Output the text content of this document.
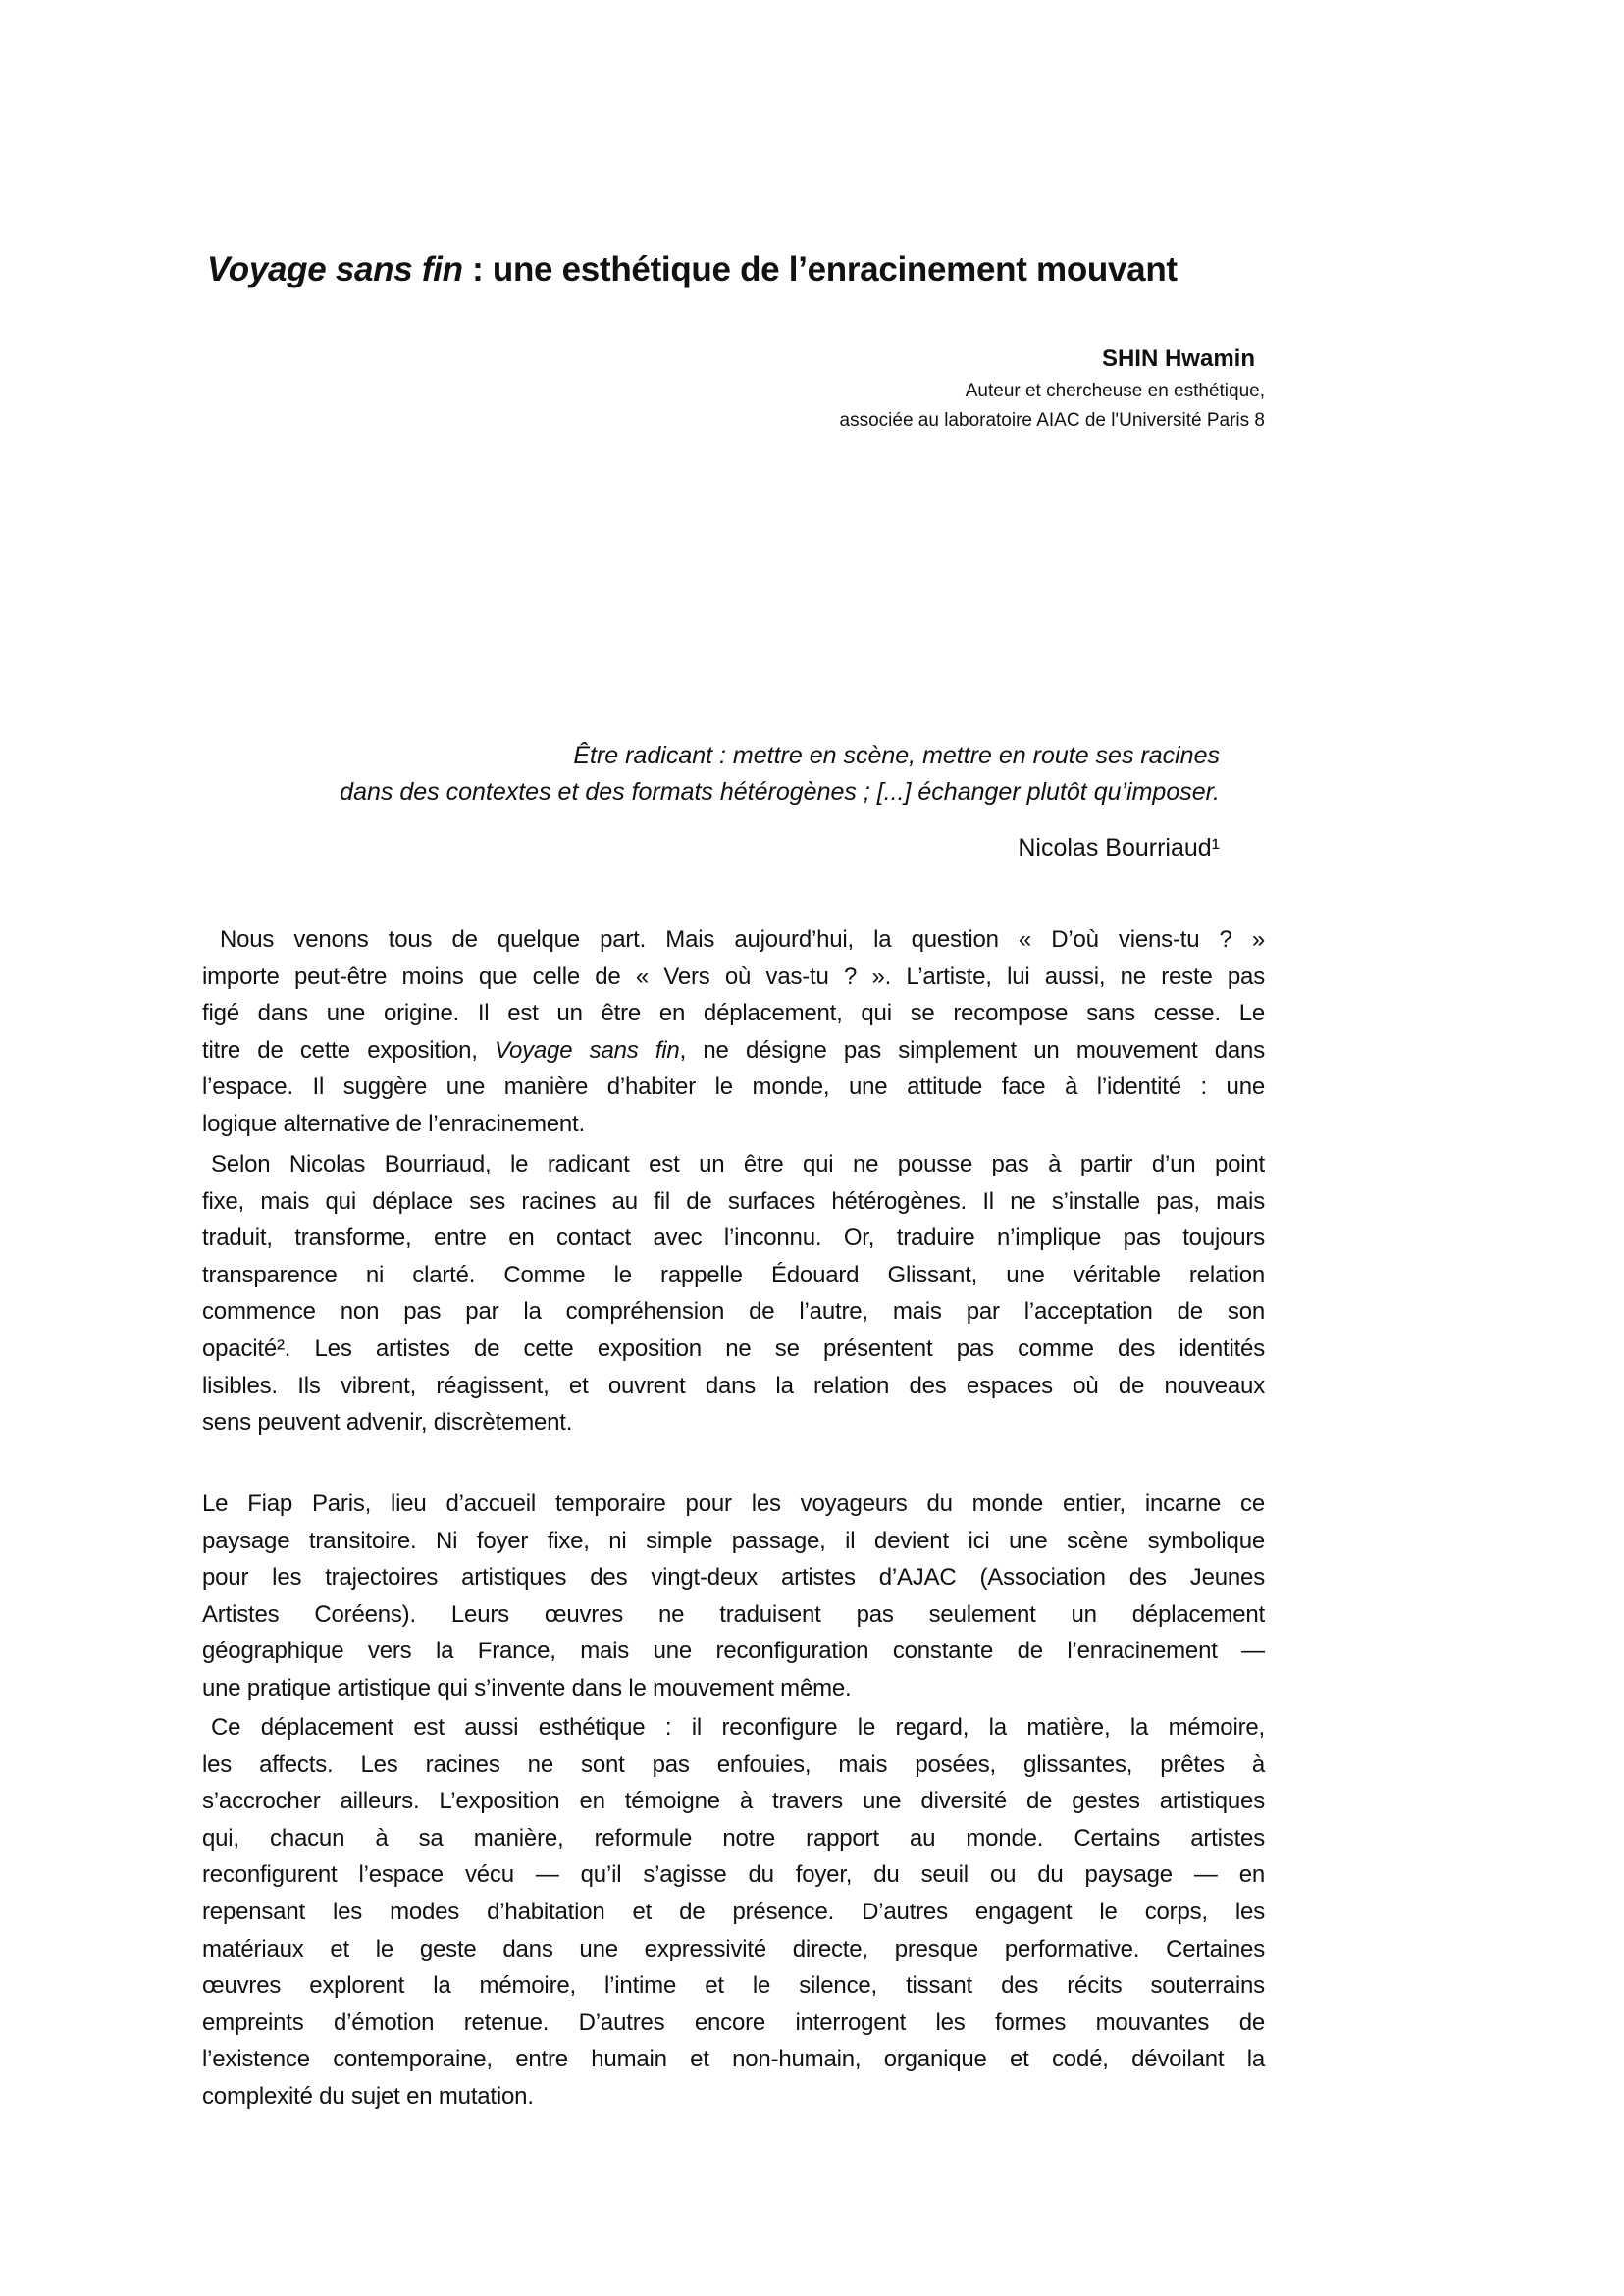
Voyage sans fin : une esthétique de l’enracinement mouvant
SHIN Hwamin
Auteur et chercheuse en esthétique,
associée au laboratoire AIAC de l'Université Paris 8
Être radicant : mettre en scène, mettre en route ses racines
dans des contextes et des formats hétérogènes ; [...] échanger plutôt qu’imposer.
Nicolas Bourriaud¹
Nous venons tous de quelque part. Mais aujourd’hui, la question « D’où viens-tu ? »
importe peut-être moins que celle de « Vers où vas-tu ? ». L’artiste, lui aussi, ne reste pas
figé dans une origine. Il est un être en déplacement, qui se recompose sans cesse. Le
titre de cette exposition, Voyage sans fin, ne désigne pas simplement un mouvement dans
l’espace. Il suggère une manière d’habiter le monde, une attitude face à l’identité : une
logique alternative de l’enracinement.
Selon Nicolas Bourriaud, le radicant est un être qui ne pousse pas à partir d’un point
fixe, mais qui déplace ses racines au fil de surfaces hétérogènes. Il ne s’installe pas, mais
traduit, transforme, entre en contact avec l’inconnu. Or, traduire n’implique pas toujours
transparence ni clarté. Comme le rappelle Édouard Glissant, une véritable relation
commence non pas par la compréhension de l’autre, mais par l’acceptation de son
opacité². Les artistes de cette exposition ne se présentent pas comme des identités
lisibles. Ils vibrent, réagissent, et ouvrent dans la relation des espaces où de nouveaux
sens peuvent advenir, discrètement.
Le Fiap Paris, lieu d’accueil temporaire pour les voyageurs du monde entier, incarne ce
paysage transitoire. Ni foyer fixe, ni simple passage, il devient ici une scène symbolique
pour les trajectoires artistiques des vingt-deux artistes d’AJAC (Association des Jeunes
Artistes Coréens). Leurs œuvres ne traduisent pas seulement un déplacement
géographique vers la France, mais une reconfiguration constante de l’enracinement —
une pratique artistique qui s’invente dans le mouvement même.
Ce déplacement est aussi esthétique : il reconfigure le regard, la matière, la mémoire,
les affects. Les racines ne sont pas enfouies, mais posées, glissantes, prêtes à
s’accrocher ailleurs. L’exposition en témoigne à travers une diversité de gestes artistiques
qui, chacun à sa manière, reformule notre rapport au monde. Certains artistes
reconfigurent l’espace vécu — qu’il s’agisse du foyer, du seuil ou du paysage — en
repensant les modes d’habitation et de présence. D’autres engagent le corps, les
matériaux et le geste dans une expressivité directe, presque performative. Certaines
œuvres explorent la mémoire, l’intime et le silence, tissant des récits souterrains
empreints d’émotion retenue. D’autres encore interrogent les formes mouvantes de
l’existence contemporaine, entre humain et non-humain, organique et codé, dévoilant la
complexité du sujet en mutation.
